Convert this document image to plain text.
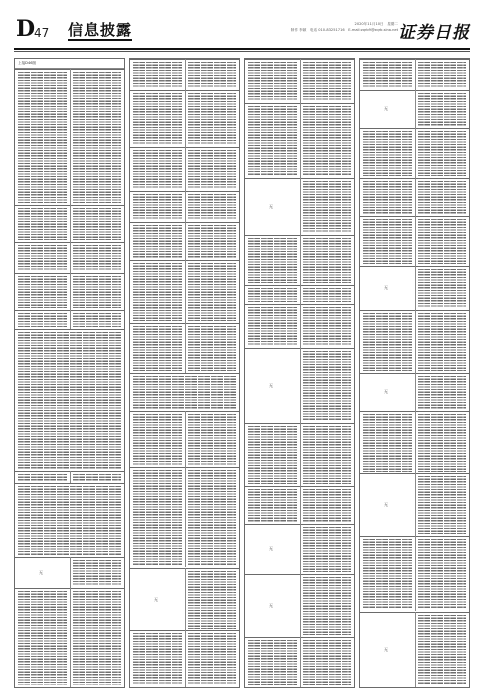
D
47 信息披露	2020年11月10日　星期二
制作 李颖　电话 010-83251716　E-mail:zqrb9@zqrb.sina.net 证券日报
上接D46版
无
无
无
无
无
无
无
无
无
无
无
